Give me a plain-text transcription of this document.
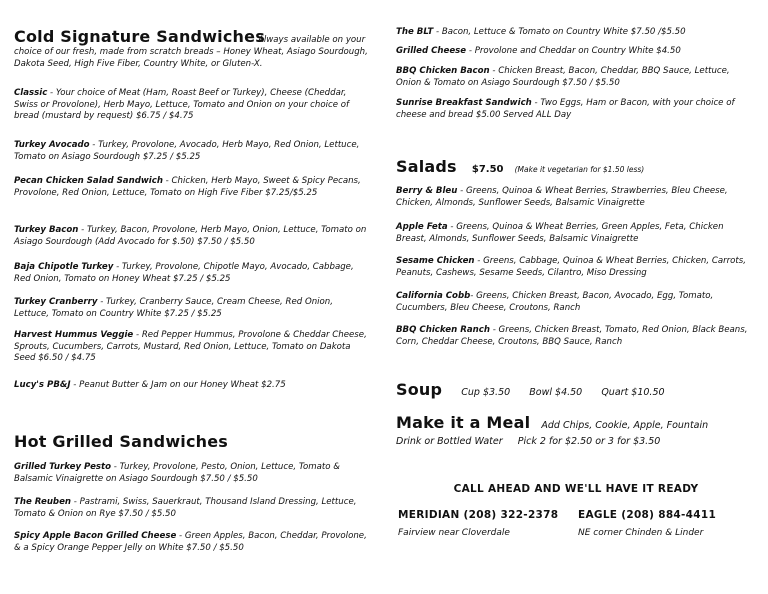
Cold Signature Sandwiches
Always available on your choice of our fresh, made from scratch breads – Honey Wheat, Asiago Sourdough, Dakota Seed, High Five Fiber, Country White, or Gluten-X.

Classic - Your choice of Meat (Ham, Roast Beef or Turkey), Cheese (Cheddar, Swiss or Provolone), Herb Mayo, Lettuce, Tomato and Onion on your choice of bread (mustard by request) $6.75 / $4.75

Turkey Avocado - Turkey, Provolone, Avocado, Herb Mayo, Red Onion, Lettuce, Tomato on Asiago Sourdough $7.25 / $5.25

Pecan Chicken Salad Sandwich - Chicken, Herb Mayo, Sweet & Spicy Pecans, Provolone, Red Onion, Lettuce, Tomato on High Five Fiber $7.25/$5.25

Turkey Bacon - Turkey, Bacon, Provolone, Herb Mayo, Onion, Lettuce, Tomato on Asiago Sourdough (Add Avocado for $.50) $7.50 / $5.50

Baja Chipotle Turkey - Turkey, Provolone, Chipotle Mayo, Avocado, Cabbage, Red Onion, Tomato on Honey Wheat $7.25 / $5.25

Turkey Cranberry - Turkey, Cranberry Sauce, Cream Cheese, Red Onion, Lettuce, Tomato on Country White $7.25 / $5.25

Harvest Hummus Veggie - Red Pepper Hummus, Provolone & Cheddar Cheese, Sprouts, Cucumbers, Carrots, Mustard, Red Onion, Lettuce, Tomato on Dakota Seed $6.50 / $4.75

Lucy's PB&J - Peanut Butter & Jam on our Honey Wheat $2.75

Hot Grilled Sandwiches

Grilled Turkey Pesto - Turkey, Provolone, Pesto, Onion, Lettuce, Tomato & Balsamic Vinaigrette on Asiago Sourdough $7.50 / $5.50

The Reuben - Pastrami, Swiss, Sauerkraut, Thousand Island Dressing, Lettuce, Tomato & Onion on Rye $7.50 / $5.50

Spicy Apple Bacon Grilled Cheese - Green Apples, Bacon, Cheddar, Provolone, & a Spicy Orange Pepper Jelly on White $7.50 / $5.50

The BLT - Bacon, Lettuce & Tomato on Country White $7.50 /$5.50

Grilled Cheese - Provolone and Cheddar on Country White $4.50

BBQ Chicken Bacon - Chicken Breast, Bacon, Cheddar, BBQ Sauce, Lettuce, Onion & Tomato on Asiago Sourdough $7.50 / $5.50

Sunrise Breakfast Sandwich - Two Eggs, Ham or Bacon, with your choice of cheese and bread $5.00 Served ALL Day

Salads $7.50 (Make it vegetarian for $1.50 less)

Berry & Bleu - Greens, Quinoa & Wheat Berries, Strawberries, Bleu Cheese, Chicken, Almonds, Sunflower Seeds, Balsamic Vinaigrette

Apple Feta - Greens, Quinoa & Wheat Berries, Green Apples, Feta, Chicken Breast, Almonds, Sunflower Seeds, Balsamic Vinaigrette

Sesame Chicken - Greens, Cabbage, Quinoa & Wheat Berries, Chicken, Carrots, Peanuts, Cashews, Sesame Seeds, Cilantro, Miso Dressing

California Cobb- Greens, Chicken Breast, Bacon, Avocado, Egg, Tomato, Cucumbers, Bleu Cheese, Croutons, Ranch

BBQ Chicken Ranch - Greens, Chicken Breast, Tomato, Red Onion, Black Beans, Corn, Cheddar Cheese, Croutons, BBQ Sauce, Ranch

Soup Cup $3.50 Bowl $4.50 Quart $10.50
Make it a Meal Add Chips, Cookie, Apple, Fountain
Drink or Bottled Water     Pick 2 for $2.50 or 3 for $3.50
CALL AHEAD AND WE'LL HAVE IT READY
MERIDIAN (208) 322-2378 EAGLE (208) 884-4411
Fairview near Cloverdale	NE corner Chinden & Linder
